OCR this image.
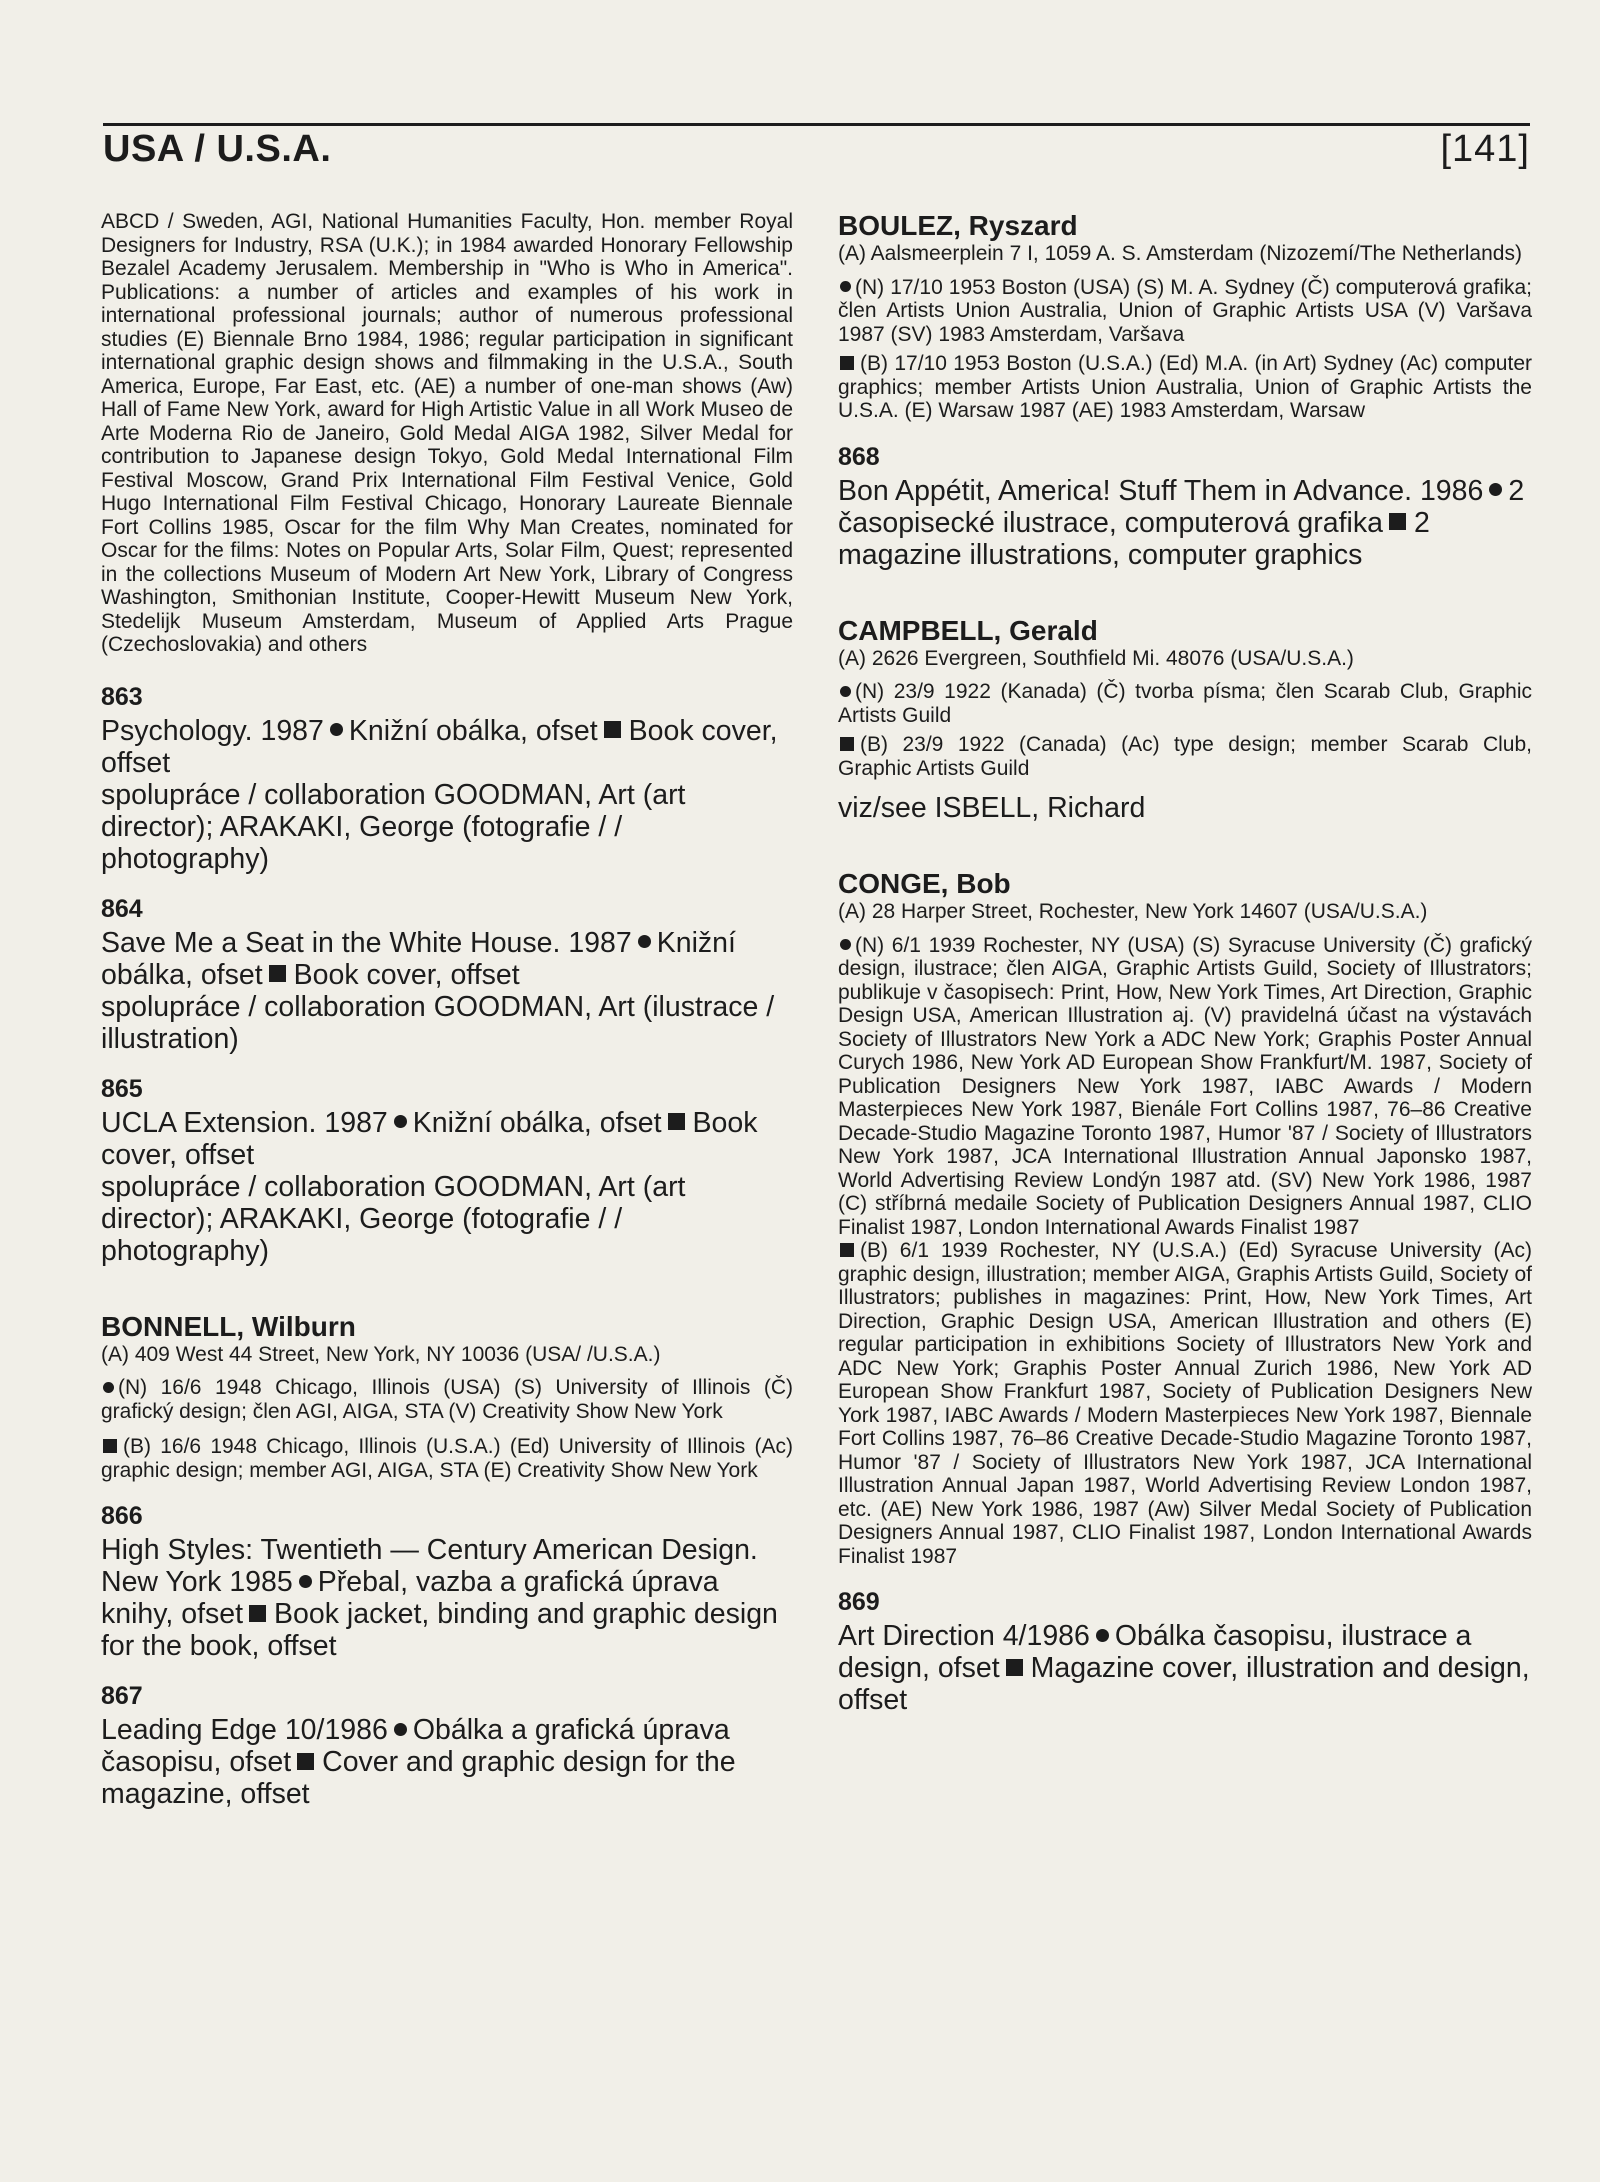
USA / U.S.A.	[141]

ABCD / Sweden, AGI, National Humanities Faculty, Hon. member Royal Designers for Industry, RSA (U.K.); in 1984 awarded Honorary Fellowship Bezalel Academy Jerusalem. Membership in "Who is Who in America". Publications: a number of articles and examples of his work in international professional journals; author of numerous professional studies (E) Biennale Brno 1984, 1986; regular participation in significant international graphic design shows and filmmaking in the U.S.A., South America, Europe, Far East, etc. (AE) a number of one-man shows (Aw) Hall of Fame New York, award for High Artistic Value in all Work Museo de Arte Moderna Rio de Janeiro, Gold Medal AIGA 1982, Silver Medal for contribution to Japanese design Tokyo, Gold Medal International Film Festival Moscow, Grand Prix International Film Festival Venice, Gold Hugo International Film Festival Chicago, Honorary Laureate Biennale Fort Collins 1985, Oscar for the film Why Man Creates, nominated for Oscar for the films: Notes on Popular Arts, Solar Film, Quest; represented in the collections Museum of Modern Art New York, Library of Congress Washington, Smithonian Institute, Cooper-Hewitt Museum New York, Stedelijk Museum Amsterdam, Museum of Applied Arts Prague (Czechoslovakia) and others

863

Psychology. 1987 Knižní obálka, ofset Book cover, offset

spolupráce / collaboration GOODMAN, Art (art director); ARAKAKI, George (fotografie / / photography)

864

Save Me a Seat in the White House. 1987 Knižní obálka, ofset Book cover, offset

spolupráce / collaboration GOODMAN, Art (ilustrace / illustration)

865

UCLA Extension. 1987 Knižní obálka, ofset Book cover, offset

spolupráce / collaboration GOODMAN, Art (art director); ARAKAKI, George (fotografie / / photography)

BONNELL, Wilburn

(A) 409 West 44 Street, New York, NY 10036 (USA/ /U.S.A.)

(N) 16/6 1948 Chicago, Illinois (USA) (S) University of Illinois (Č) grafický design; člen AGI, AIGA, STA (V) Creativity Show New York

(B) 16/6 1948 Chicago, Illinois (U.S.A.) (Ed) University of Illinois (Ac) graphic design; member AGI, AIGA, STA (E) Creativity Show New York

866

High Styles: Twentieth — Century American Design. New York 1985 Přebal, vazba a grafická úprava knihy, ofset Book jacket, binding and graphic design for the book, offset

867

Leading Edge 10/1986 Obálka a grafická úprava časopisu, ofset Cover and graphic design for the magazine, offset

BOULEZ, Ryszard

(A) Aalsmeerplein 7 I, 1059 A. S. Amsterdam (Nizozemí/The Netherlands)

(N) 17/10 1953 Boston (USA) (S) M. A. Sydney (Č) computerová grafika; člen Artists Union Australia, Union of Graphic Artists USA (V) Varšava 1987 (SV) 1983 Amsterdam, Varšava

(B) 17/10 1953 Boston (U.S.A.) (Ed) M.A. (in Art) Sydney (Ac) computer graphics; member Artists Union Australia, Union of Graphic Artists the U.S.A. (E) Warsaw 1987 (AE) 1983 Amsterdam, Warsaw

868

Bon Appétit, America! Stuff Them in Advance. 1986 2 časopisecké ilustrace, computerová grafika 2 magazine illustrations, computer graphics

CAMPBELL, Gerald

(A) 2626 Evergreen, Southfield Mi. 48076 (USA/U.S.A.)

(N) 23/9 1922 (Kanada) (Č) tvorba písma; člen Scarab Club, Graphic Artists Guild

(B) 23/9 1922 (Canada) (Ac) type design; member Scarab Club, Graphic Artists Guild

viz/see ISBELL, Richard

CONGE, Bob

(A) 28 Harper Street, Rochester, New York 14607 (USA/U.S.A.)

(N) 6/1 1939 Rochester, NY (USA) (S) Syracuse University (Č) grafický design, ilustrace; člen AIGA, Graphic Artists Guild, Society of Illustrators; publikuje v časopisech: Print, How, New York Times, Art Direction, Graphic Design USA, American Illustration aj. (V) pravidelná účast na výstavách Society of Illustrators New York a ADC New York; Graphis Poster Annual Curych 1986, New York AD European Show Frankfurt/M. 1987, Society of Publication Designers New York 1987, IABC Awards / Modern Masterpieces New York 1987, Bienále Fort Collins 1987, 76–86 Creative Decade-Studio Magazine Toronto 1987, Humor '87 / Society of Illustrators New York 1987, JCA International Illustration Annual Japonsko 1987, World Advertising Review Londýn 1987 atd. (SV) New York 1986, 1987 (C) stříbrná medaile Society of Publication Designers Annual 1987, CLIO Finalist 1987, London International Awards Finalist 1987

(B) 6/1 1939 Rochester, NY (U.S.A.) (Ed) Syracuse University (Ac) graphic design, illustration; member AIGA, Graphis Artists Guild, Society of Illustrators; publishes in magazines: Print, How, New York Times, Art Direction, Graphic Design USA, American Illustration and others (E) regular participation in exhibitions Society of Illustrators New York and ADC New York; Graphis Poster Annual Zurich 1986, New York AD European Show Frankfurt 1987, Society of Publication Designers New York 1987, IABC Awards / Modern Masterpieces New York 1987, Biennale Fort Collins 1987, 76–86 Creative Decade-Studio Magazine Toronto 1987, Humor '87 / Society of Illustrators New York 1987, JCA International Illustration Annual Japan 1987, World Advertising Review London 1987, etc. (AE) New York 1986, 1987 (Aw) Silver Medal Society of Publication Designers Annual 1987, CLIO Finalist 1987, London International Awards Finalist 1987

869

Art Direction 4/1986 Obálka časopisu, ilustrace a design, ofset Magazine cover, illustration and design, offset
